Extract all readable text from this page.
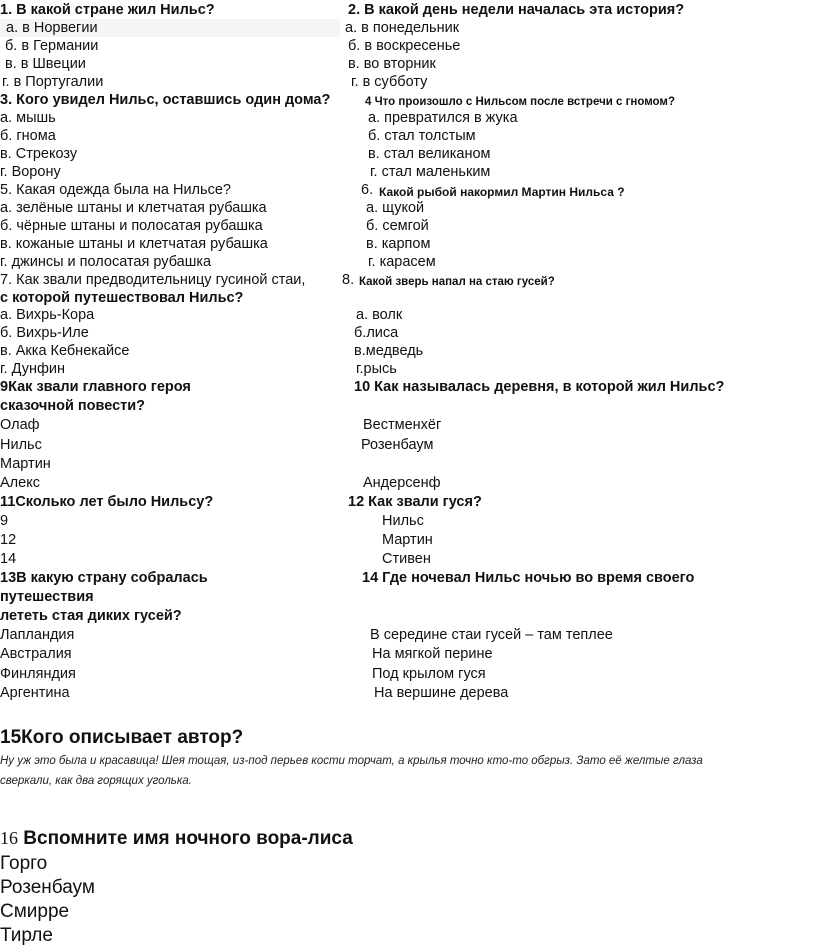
1. В какой стране жил Нильс?	2. В какой день недели началась эта история?
а. в Норвегии
б. в Германии
в. в Швеции
г. в Португалии
а. в понедельник
б. в воскресенье
в. во вторник
г. в субботу
3. Кого увидел Нильс, оставшись один дома?	4 Что произошло с Нильсом после встречи с гномом?
а. мышь
б. гнома
в. Стрекозу
г. Ворону
а. превратился в жука
б. стал толстым
в. стал великаном
г. стал маленьким
5. Какая одежда была на Нильсе?	6. Какой рыбой накормил Мартин Нильса ?
а. зелёные штаны и клетчатая рубашка
б. чёрные штаны и полосатая рубашка
в. кожаные штаны и клетчатая рубашка
г. джинсы и полосатая рубашка
а. щукой
б. семгой
в. карпом
г. карасем
7. Как звали предводительницу гусиной стаи,	8. Какой зверь напал на стаю гусей?
с которой путешествовал Нильс?
а. Вихрь-Кора
б. Вихрь-Иле
в. Акка Кебнекайсе
г. Дунфин
а. волк
б.лиса
в.медведь
г.рысь
9Как звали главного героя	10 Как называлась деревня, в которой жил Нильс?
сказочной повести?
Олаф
Нильс
Мартин
Алекс
Вестменхёг
Розенбаум
Андерсенф
11Сколько лет было Нильсу?	12 Как звали гуся?
9
12
14
Нильс
Мартин
Стивен
13В какую страну собралась	14 Где ночевал Нильс ночью во время своего
путешествия
лететь стая диких гусей?
Лапландия
Австралия
Финляндия
Аргентина
В середине стаи гусей – там теплее
На мягкой перине
Под крылом гуся
На вершине дерева
15Кого описывает автор?
Ну уж это была и красавица! Шея тощая, из-под перьев кости торчат, а крылья точно кто-то обгрыз. Зато её желтые глаза
сверкали, как два горящих уголька.
16 Вспомните имя ночного вора-лиса
Горго
Розенбаум
Смирре
Тирле
